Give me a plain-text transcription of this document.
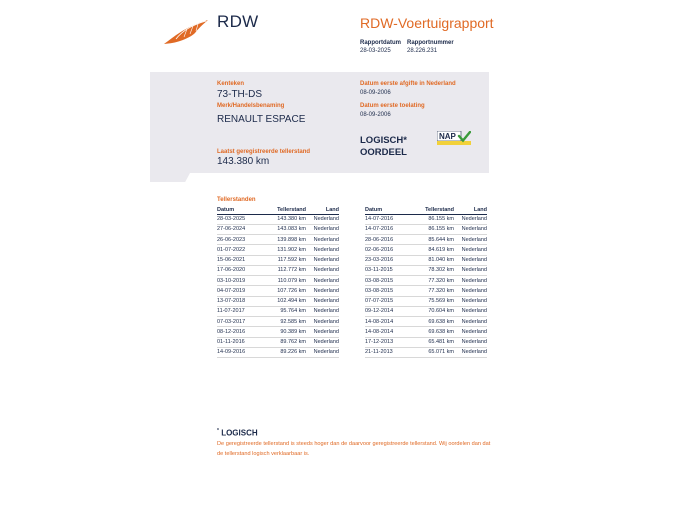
RDW	RDW-Voertuigrapport
Rapportdatum
28-03-2025
Rapportnummer
28.226.231
Kenteken
73-TH-DS
Merk/Handelsbenaming
RENAULT ESPACE
Laatst geregistreerde tellerstand
143.380 km
Datum eerste afgifte in Nederland
08-09-2006
Datum eerste toelating
08-09-2006
LOGISCH*
OORDEEL
NAP
Tellerstanden
Datum	Tellerstand	Land
28-03-2025	143.380 km	Nederland
27-06-2024	143.083 km	Nederland
26-06-2023	139.898 km	Nederland
01-07-2022	131.902 km	Nederland
15-06-2021	117.592 km	Nederland
17-06-2020	112.772 km	Nederland
03-10-2019	110.079 km	Nederland
04-07-2019	107.726 km	Nederland
13-07-2018	102.494 km	Nederland
11-07-2017	95.764 km	Nederland
07-03-2017	92.585 km	Nederland
08-12-2016	90.389 km	Nederland
01-11-2016	89.762 km	Nederland
14-09-2016	89.226 km	Nederland
Datum	Tellerstand	Land
14-07-2016	86.155 km	Nederland
14-07-2016	86.155 km	Nederland
28-06-2016	85.644 km	Nederland
02-06-2016	84.619 km	Nederland
23-03-2016	81.040 km	Nederland
03-11-2015	78.302 km	Nederland
03-08-2015	77.320 km	Nederland
03-08-2015	77.320 km	Nederland
07-07-2015	75.569 km	Nederland
09-12-2014	70.604 km	Nederland
14-08-2014	69.638 km	Nederland
14-08-2014	69.638 km	Nederland
17-12-2013	65.481 km	Nederland
21-11-2013	65.071 km	Nederland
* LOGISCH
De geregistreerde tellerstand is steeds hoger dan de daarvoor geregistreerde tellerstand. Wij oordelen dan dat de tellerstand logisch verklaarbaar is.
